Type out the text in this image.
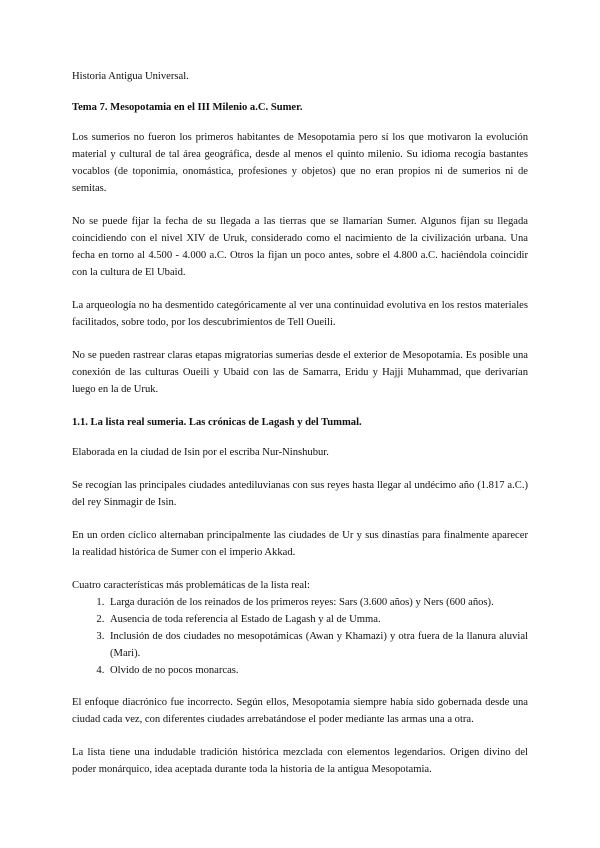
Historia Antigua Universal.

Tema 7. Mesopotamia en el III Milenio a.C. Sumer.

Los sumerios no fueron los primeros habitantes de Mesopotamia pero sí los que motivaron la evolución material y cultural de tal área geográfica, desde al menos el quinto milenio. Su idioma recogía bastantes vocablos (de toponimia, onomástica, profesiones y objetos) que no eran propios ni de sumerios ni de semitas.

No se puede fijar la fecha de su llegada a las tierras que se llamarían Sumer. Algunos fijan su llegada coincidiendo con el nivel XIV de Uruk, considerado como el nacimiento de la civilización urbana. Una fecha en torno al 4.500 - 4.000 a.C. Otros la fijan un poco antes, sobre el 4.800 a.C. haciéndola coincidir con la cultura de El Ubaid.

La arqueología no ha desmentido categóricamente al ver una continuidad evolutiva en los restos materiales facilitados, sobre todo, por los descubrimientos de Tell Oueili.

No se pueden rastrear claras etapas migratorias sumerias desde el exterior de Mesopotamia. Es posible una conexión de las culturas Oueili y Ubaid con las de Samarra, Eridu y Hajji Muhammad, que derivarían luego en la de Uruk.

1.1. La lista real sumeria. Las crónicas de Lagash y del Tummal.

Elaborada en la ciudad de Isin por el escriba Nur-Ninshubur.

Se recogían las principales ciudades antediluvianas con sus reyes hasta llegar al undécimo año (1.817 a.C.) del rey Sinmagir de Isin.

En un orden cíclico alternaban principalmente las ciudades de Ur y sus dinastías para finalmente aparecer la realidad histórica de Sumer con el imperio Akkad.

Cuatro características más problemáticas de la lista real:

1. Larga duración de los reinados de los primeros reyes: Sars (3.600 años) y Ners (600 años).
2. Ausencia de toda referencia al Estado de Lagash y al de Umma.
3. Inclusión de dos ciudades no mesopotámicas (Awan y Khamazi) y otra fuera de la llanura aluvial (Mari).
4. Olvido de no pocos monarcas.

El enfoque diacrónico fue incorrecto. Según ellos, Mesopotamia siempre había sido gobernada desde una ciudad cada vez, con diferentes ciudades arrebatándose el poder mediante las armas una a otra.

La lista tiene una indudable tradición histórica mezclada con elementos legendarios. Origen divino del poder monárquico, idea aceptada durante toda la historia de la antigua Mesopotamia.
